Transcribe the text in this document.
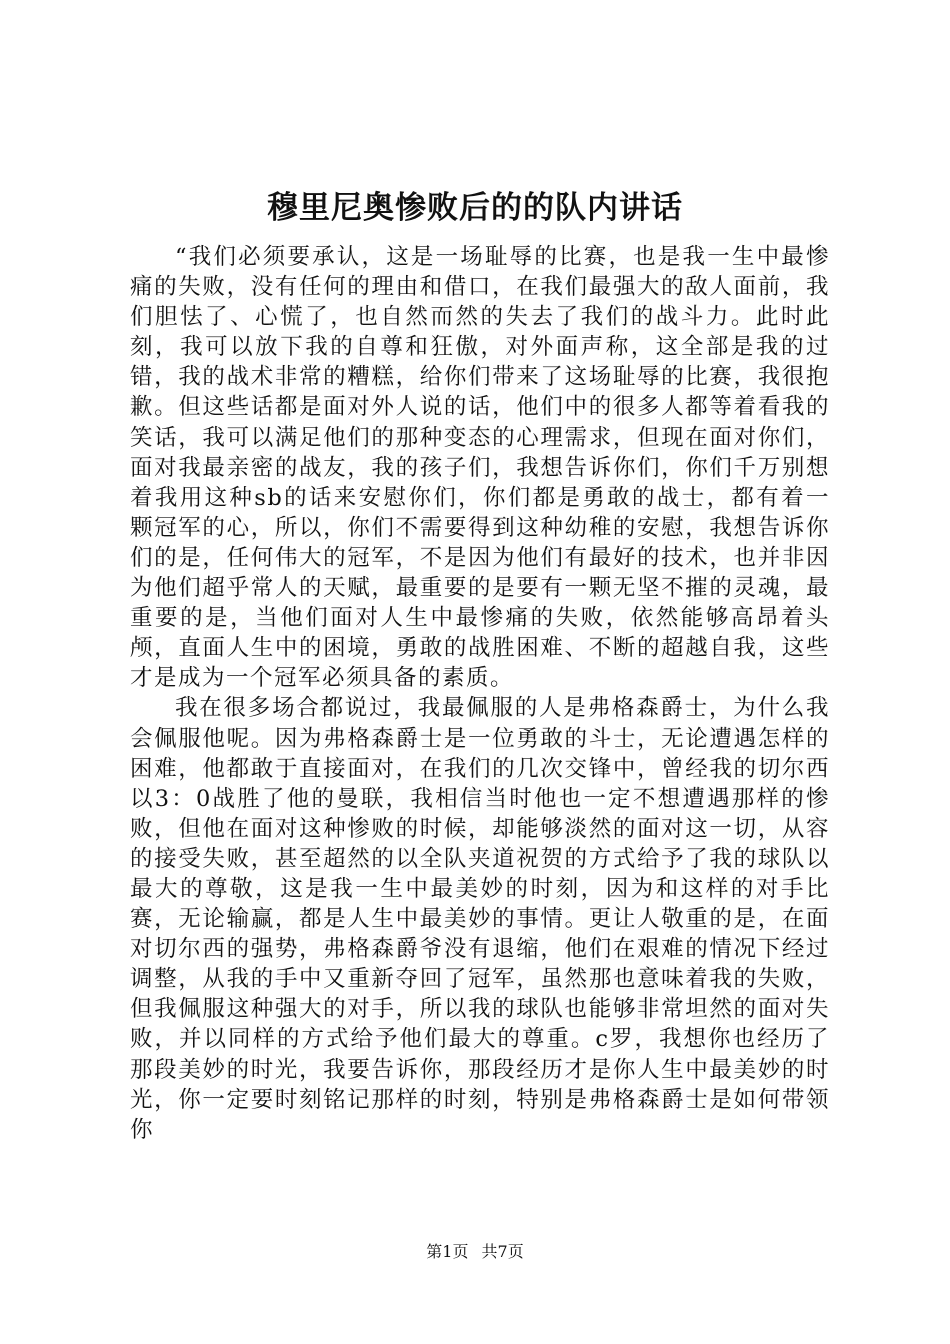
穆里尼奥惨败后的的队内讲话

“我们必须要承认，这是一场耻辱的比赛，也是我一生中最惨痛的失败，没有任何的理由和借口，在我们最强大的敌人面前，我们胆怯了、心慌了，也自然而然的失去了我们的战斗力。此时此刻，我可以放下我的自尊和狂傲，对外面声称，这全部是我的过错，我的战术非常的糟糕，给你们带来了这场耻辱的比赛，我很抱歉。但这些话都是面对外人说的话，他们中的很多人都等着看我的笑话，我可以满足他们的那种变态的心理需求，但现在面对你们，面对我最亲密的战友，我的孩子们，我想告诉你们，你们千万别想着我用这种sb的话来安慰你们，你们都是勇敢的战士，都有着一颗冠军的心，所以，你们不需要得到这种幼稚的安慰，我想告诉你们的是，任何伟大的冠军，不是因为他们有最好的技术，也并非因为他们超乎常人的天赋，最重要的是要有一颗无坚不摧的灵魂，最重要的是，当他们面对人生中最惨痛的失败，依然能够高昂着头颅，直面人生中的困境，勇敢的战胜困难、不断的超越自我，这些才是成为一个冠军必须具备的素质。

我在很多场合都说过，我最佩服的人是弗格森爵士，为什么我会佩服他呢。因为弗格森爵士是一位勇敢的斗士，无论遭遇怎样的困难，他都敢于直接面对，在我们的几次交锋中，曾经我的切尔西以3：0战胜了他的曼联，我相信当时他也一定不想遭遇那样的惨败，但他在面对这种惨败的时候，却能够淡然的面对这一切，从容的接受失败，甚至超然的以全队夹道祝贺的方式给予了我的球队以最大的尊敬，这是我一生中最美妙的时刻，因为和这样的对手比赛，无论输赢，都是人生中最美妙的事情。更让人敬重的是，在面对切尔西的强势，弗格森爵爷没有退缩，他们在艰难的情况下经过调整，从我的手中又重新夺回了冠军，虽然那也意味着我的失败，但我佩服这种强大的对手，所以我的球队也能够非常坦然的面对失败，并以同样的方式给予他们最大的尊重。c罗，我想你也经历了那段美妙的时光，我要告诉你，那段经历才是你人生中最美妙的时光，你一定要时刻铭记那样的时刻，特别是弗格森爵士是如何带领你

第1页 共7页
